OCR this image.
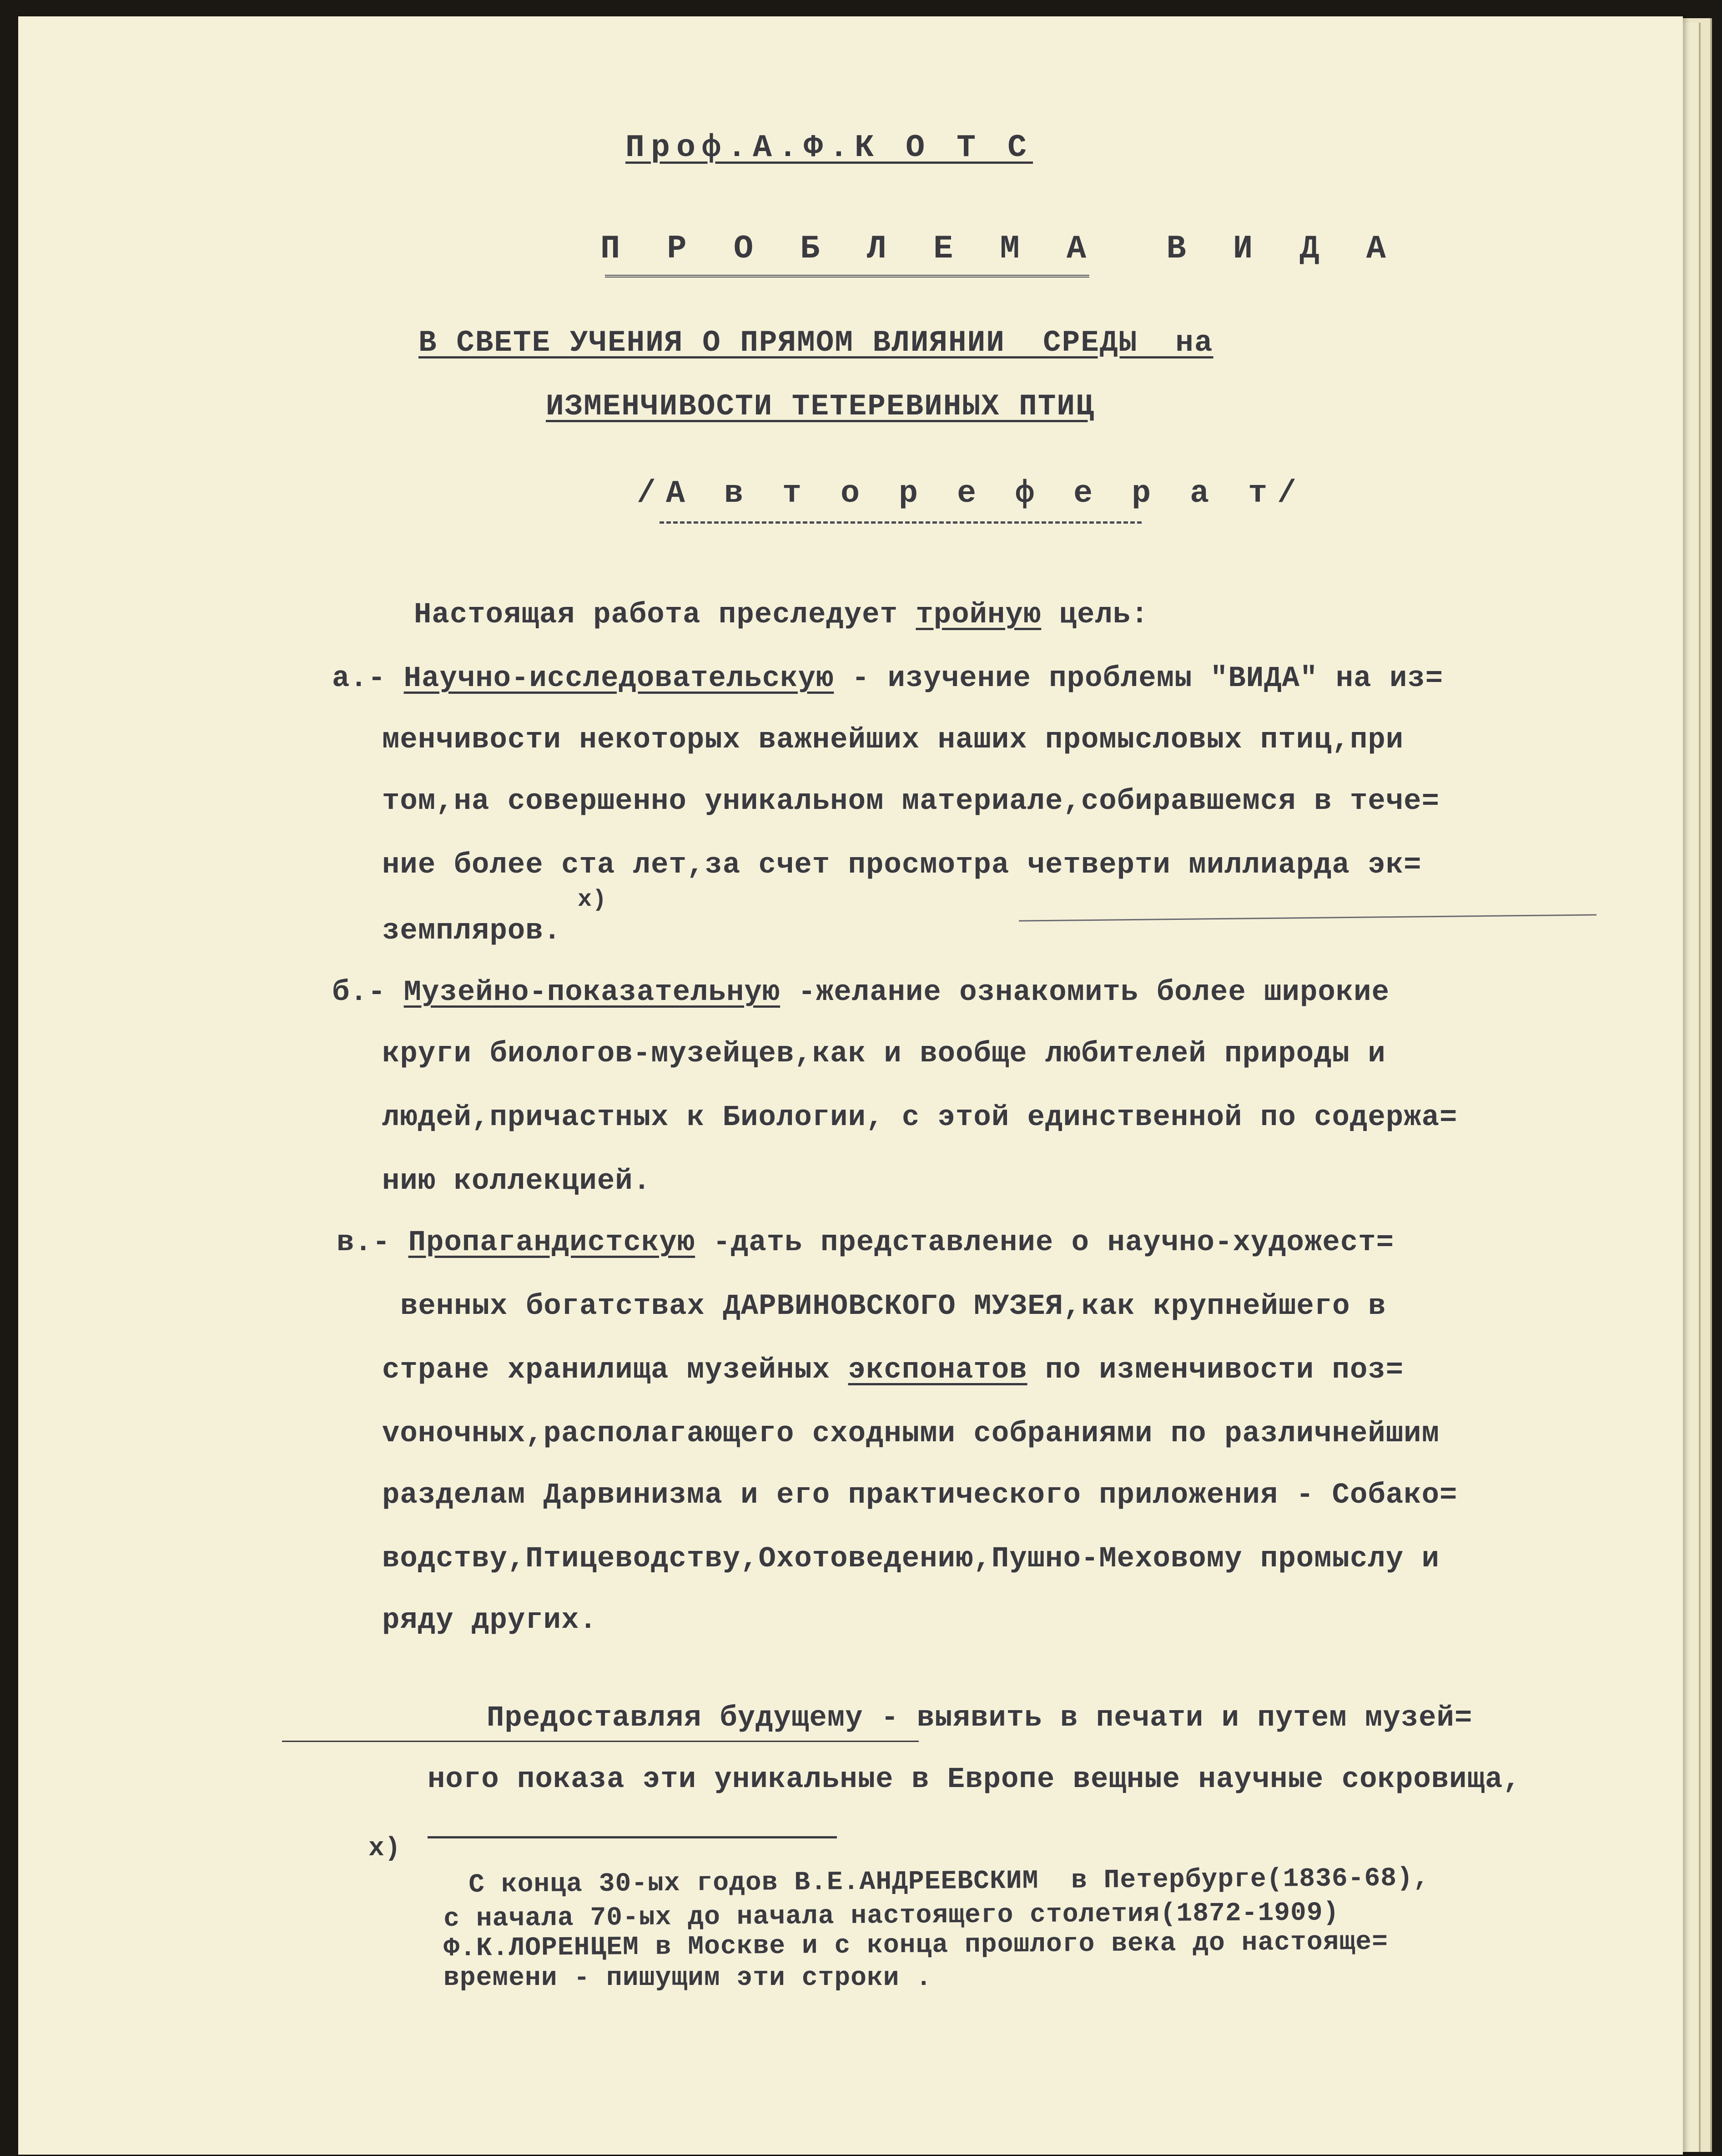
Проф.А.Ф.К О Т С
П Р О Б Л Е М А  В И Д А
В СВЕТЕ УЧЕНИЯ О ПРЯМОМ ВЛИЯНИИ  СРЕДЫ  на
ИЗМЕНЧИВОСТИ ТЕТЕРЕВИНЫХ ПТИЦ
/А в т о р е ф е р а т/
Настоящая работа преследует тройную цель:
а.- Научно-исследовательскую - изучение проблемы "ВИДА" на из=
менчивости некоторых важнейших наших промысловых птиц,при
том,на совершенно уникальном материале,собиравшемся в тече=
ние более ста лет,за счет просмотра четверти миллиарда эк=
x)
земпляров.
б.- Музейно-показательную -желание ознакомить более широкие
круги биологов-музейцев,как и вообще любителей природы и
людей,причастных к Биологии, с этой единственной по содержа=
нию коллекцией.
в.- Пропагандистскую -дать представление о научно-художест=
венных богатствах ДАРВИНОВСКОГО МУЗЕЯ,как крупнейшего в
стране хранилища музейных экспонатов по изменчивости поз=
voночных,располагающего сходными собраниями по различнейшим
разделам Дарвинизма и его практического приложения - Собако=
водству,Птицеводству,Охотоведению,Пушно-Меховому промыслу и
ряду других.
Предоставляя будущему - выявить в печати и путем музей=
ного показа эти уникальные в Европе вещные научные сокровища,
x)
С конца 30-ых годов В.Е.АНДРЕЕВСКИМ  в Петербурге(1836-68),
с начала 70-ых до начала настоящего столетия(1872-1909)
Ф.К.ЛОРЕНЦЕМ в Москве и с конца прошлого века до настояще=
времени - пишущим эти строки .
